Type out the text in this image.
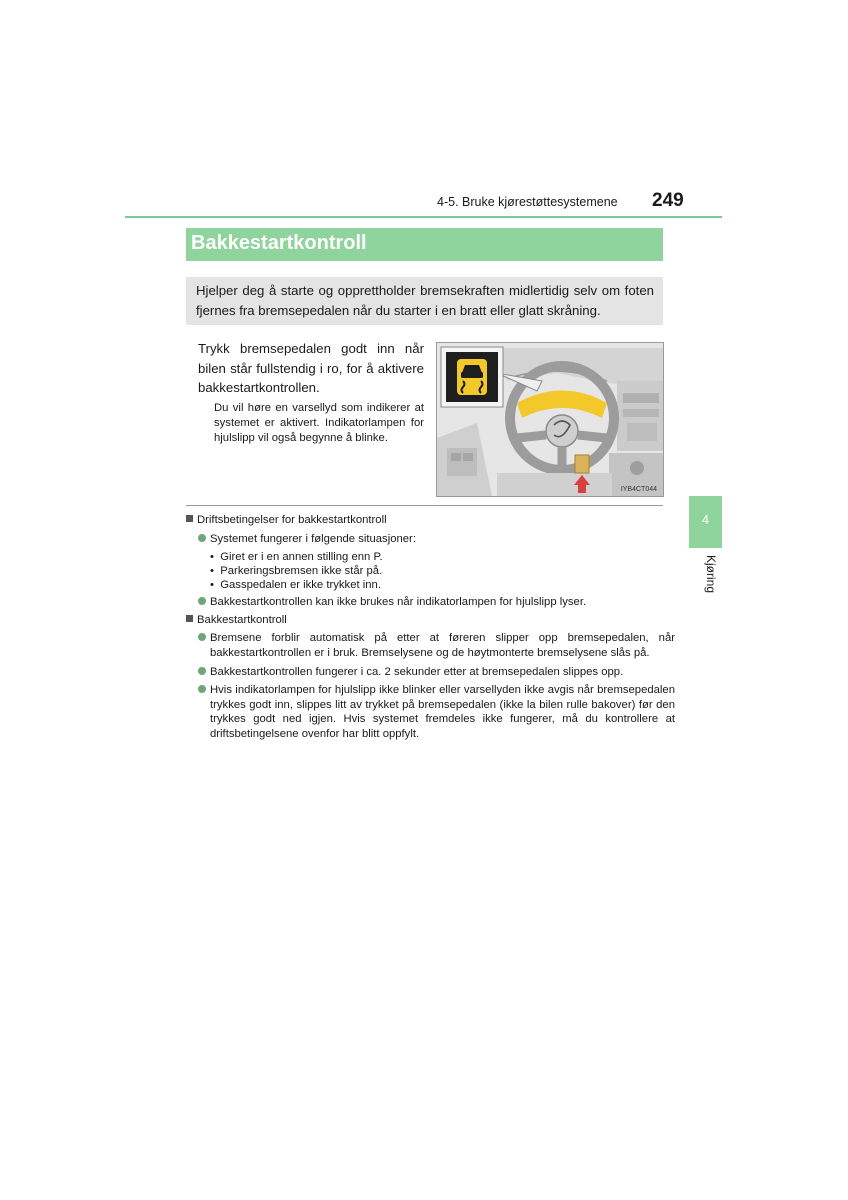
4-5. Bruke kjørestøttesystemene 249
Bakkestartkontroll

Hjelper deg å starte og opprettholder bremsekraften midlertidig selv om foten fjernes fra bremsepedalen når du starter i en bratt eller glatt skråning.

Trykk bremsepedalen godt inn når bilen står fullstendig i ro, for å aktivere bakkestartkontrollen.

Du vil høre en varsellyd som indikerer at systemet er aktivert. Indikatorlampen for hjulslipp vil også begynne å blinke.

IYB4CT044
4
Kjøring
Driftsbetingelser for bakkestartkontroll
Systemet fungerer i følgende situasjoner:
•  Giret er i en annen stilling enn P.
•  Parkeringsbremsen ikke står på.
•  Gasspedalen er ikke trykket inn.
Bakkestartkontrollen kan ikke brukes når indikatorlampen for hjulslipp lyser.
Bakkestartkontroll
Bremsene forblir automatisk på etter at føreren slipper opp bremsepedalen, når bakkestartkontrollen er i bruk. Bremselysene og de høytmonterte bremselysene slås på.
Bakkestartkontrollen fungerer i ca. 2 sekunder etter at bremsepedalen slippes opp.
Hvis indikatorlampen for hjulslipp ikke blinker eller varsellyden ikke avgis når bremsepedalen trykkes godt inn, slippes litt av trykket på bremsepedalen (ikke la bilen rulle bakover) før den trykkes godt ned igjen. Hvis systemet fremdeles ikke fungerer, må du kontrollere at driftsbetingelsene ovenfor har blitt oppfylt.
